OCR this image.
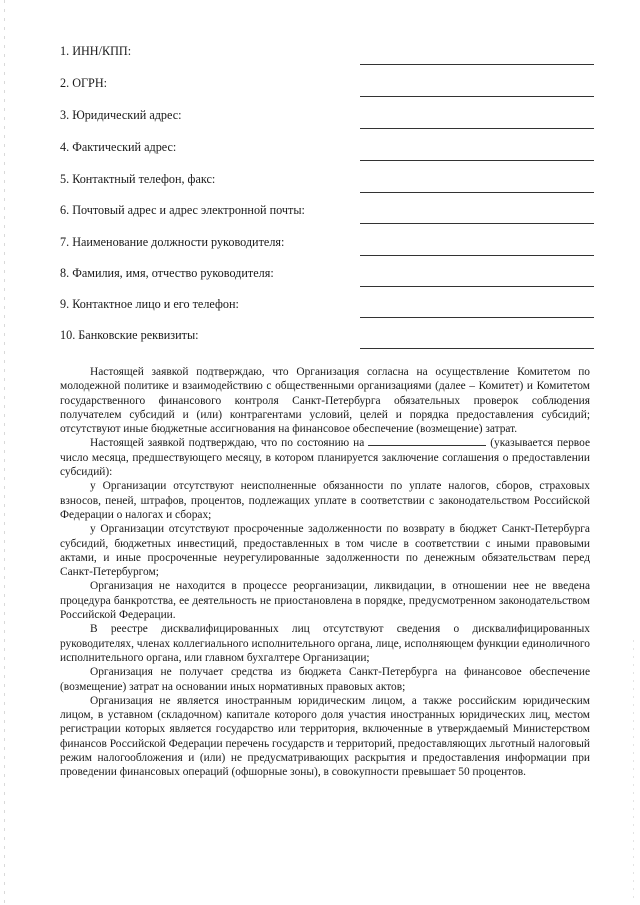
1. ИНН/КПП:
2. ОГРН:
3. Юридический адрес:
4. Фактический адрес:
5. Контактный телефон, факс:
6. Почтовый адрес и адрес электронной почты:
7. Наименование должности руководителя:
8. Фамилия, имя, отчество руководителя:
9. Контактное лицо и его телефон:
10. Банковские реквизиты:

Настоящей заявкой подтверждаю, что Организация согласна на осуществление Комитетом по молодежной политике и взаимодействию с общественными организациями (далее – Комитет) и Комитетом государственного финансового контроля Санкт-Петербурга обязательных проверок соблюдения получателем субсидий и (или) контрагентами условий, целей и порядка предоставления субсидий; отсутствуют иные бюджетные ассигнования на финансовое обеспечение (возмещение) затрат.

Настоящей заявкой подтверждаю, что по состоянию на	(указывается первое число месяца, предшествующего месяцу, в котором планируется заключение соглашения о предоставлении субсидий):

у Организации отсутствуют неисполненные обязанности по уплате налогов, сборов, страховых взносов, пеней, штрафов, процентов, подлежащих уплате в соответствии с законодательством Российской Федерации о налогах и сборах;

у Организации отсутствуют просроченные задолженности по возврату в бюджет Санкт-Петербурга субсидий, бюджетных инвестиций, предоставленных в том числе в соответствии с иными правовыми актами, и иные просроченные неурегулированные задолженности по денежным обязательствам перед Санкт-Петербургом;

Организация не находится в процессе реорганизации, ликвидации, в отношении нее не введена процедура банкротства, ее деятельность не приостановлена в порядке, предусмотренном законодательством Российской Федерации.

В реестре дисквалифицированных лиц отсутствуют сведения о дисквалифицированных руководителях, членах коллегиального исполнительного органа, лице, исполняющем функции единоличного исполнительного органа, или главном бухгалтере Организации;

Организация не получает средства из бюджета Санкт-Петербурга на финансовое обеспечение (возмещение) затрат на основании иных нормативных правовых актов;

Организация не является иностранным юридическим лицом, а также российским юридическим лицом, в уставном (складочном) капитале которого доля участия иностранных юридических лиц, местом регистрации которых является государство или территория, включенные в утверждаемый Министерством финансов Российской Федерации перечень государств и территорий, предоставляющих льготный налоговый режим налогообложения и (или) не предусматривающих раскрытия и предоставления информации при проведении финансовых операций (офшорные зоны), в совокупности превышает 50 процентов.
